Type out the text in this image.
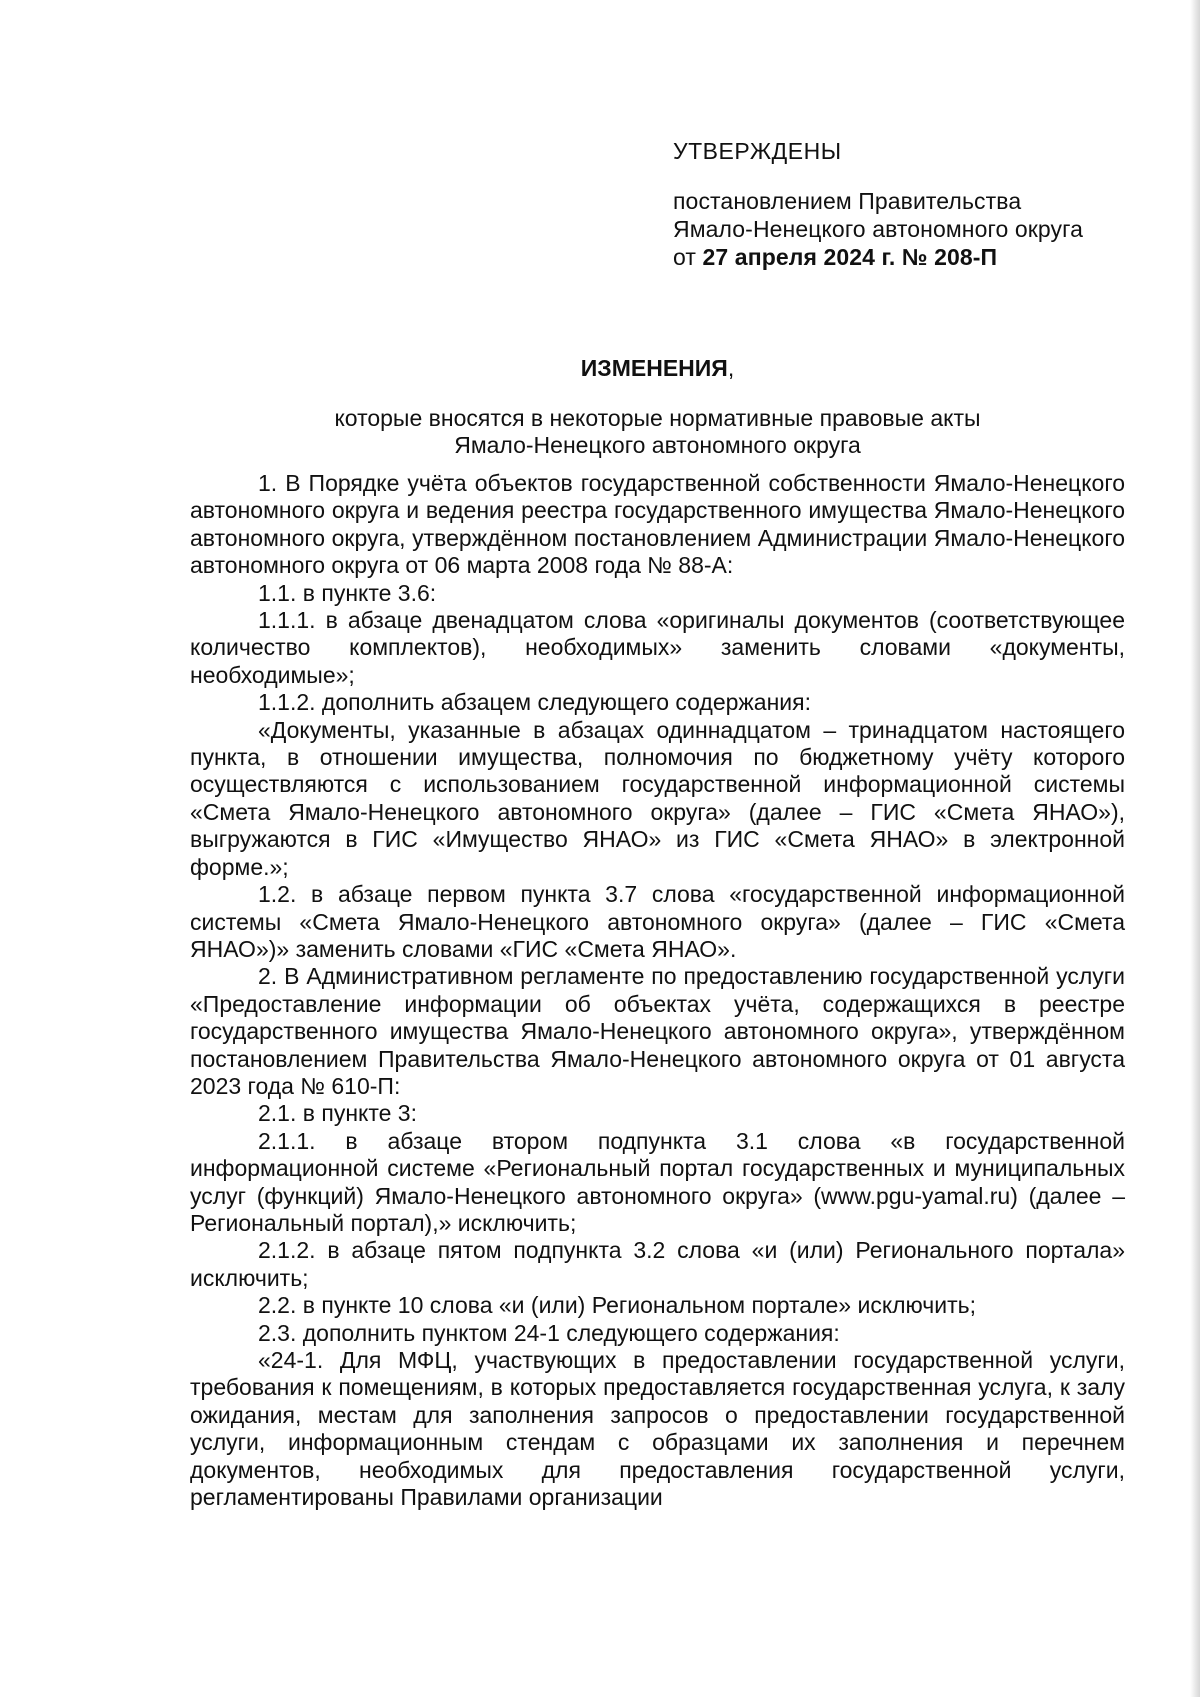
УТВЕРЖДЕНЫ

постановлением Правительства

Ямало-Ненецкого автономного округа

от 27 апреля 2024 г. № 208-П

ИЗМЕНЕНИЯ,

которые вносятся в некоторые нормативные правовые акты

Ямало-Ненецкого автономного округа

1. В Порядке учёта объектов государственной собственности Ямало-Ненецкого автономного округа и ведения реестра государственного имущества Ямало-Ненецкого автономного округа, утверждённом постановлением Администрации Ямало-Ненецкого автономного округа от 06 марта 2008 года № 88-А:

1.1. в пункте 3.6:

1.1.1. в абзаце двенадцатом слова «оригиналы документов (соответствующее количество комплектов), необходимых» заменить словами «документы, необходимые»;

1.1.2. дополнить абзацем следующего содержания:

«Документы, указанные в абзацах одиннадцатом – тринадцатом настоящего пункта, в отношении имущества, полномочия по бюджетному учёту которого осуществляются с использованием государственной информационной системы «Смета Ямало-Ненецкого автономного округа» (далее – ГИС «Смета ЯНАО»), выгружаются в ГИС «Имущество ЯНАО» из ГИС «Смета ЯНАО» в электронной форме.»;

1.2. в абзаце первом пункта 3.7 слова «государственной информационной системы «Смета Ямало-Ненецкого автономного округа» (далее – ГИС «Смета ЯНАО»)» заменить словами «ГИС «Смета ЯНАО».

2. В Административном регламенте по предоставлению государственной услуги «Предоставление информации об объектах учёта, содержащихся в реестре государственного имущества Ямало-Ненецкого автономного округа», утверждённом постановлением Правительства Ямало-Ненецкого автономного округа от 01 августа 2023 года № 610-П:

2.1. в пункте 3:

2.1.1. в абзаце втором подпункта 3.1 слова «в государственной информационной системе «Региональный портал государственных и муниципальных услуг (функций) Ямало-Ненецкого автономного округа» (www.pgu-yamal.ru) (далее – Региональный портал),» исключить;

2.1.2. в абзаце пятом подпункта 3.2 слова «и (или) Регионального портала» исключить;

2.2. в пункте 10 слова «и (или) Региональном портале» исключить;

2.3. дополнить пунктом 24-1 следующего содержания:

«24-1. Для МФЦ, участвующих в предоставлении государственной услуги, требования к помещениям, в которых предоставляется государственная услуга, к залу ожидания, местам для заполнения запросов о предоставлении государственной услуги, информационным стендам с образцами их заполнения и перечнем документов, необходимых для предоставления государственной услуги, регламентированы Правилами организации
